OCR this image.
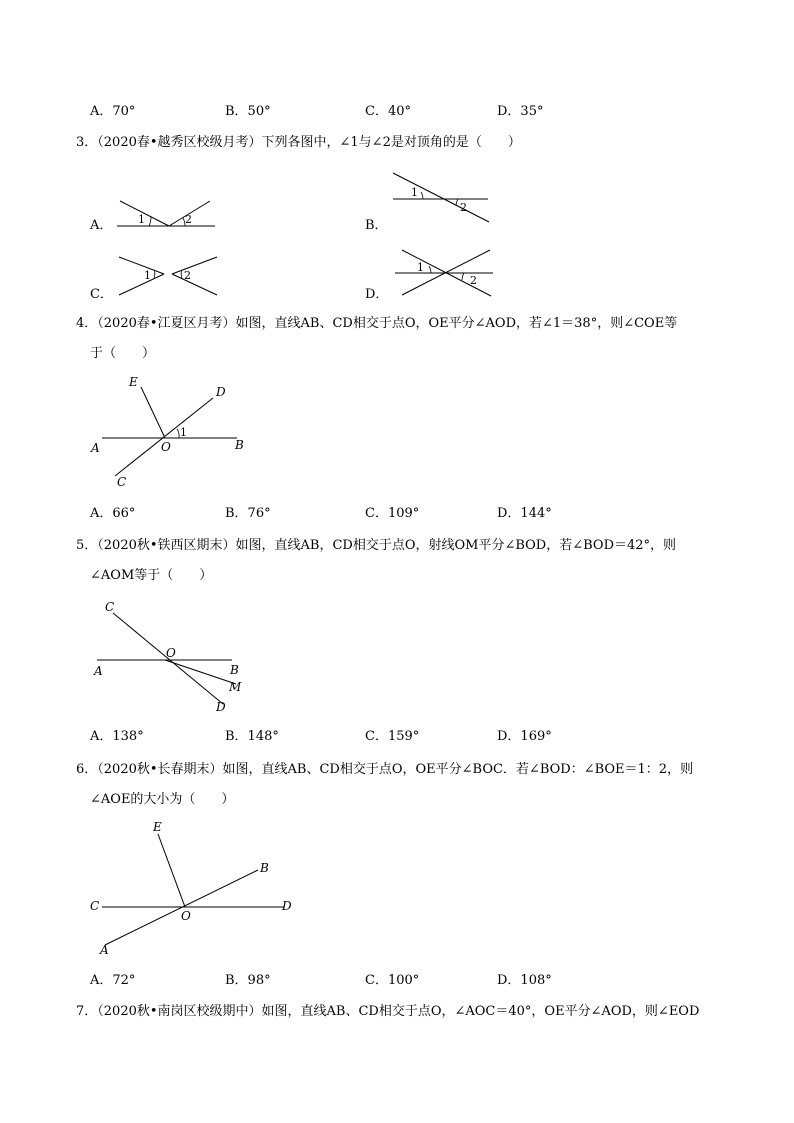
A．70°	B．50°	C．40°	D．35°
3．（2020春•越秀区校级月考）下列各图中，∠1与∠2是对顶角的是（　　）
A． 1	2	B．
1
2
C．
1	2
D．
1
2
4．（2020春•江夏区月考）如图，直线AB、CD相交于点O，OE平分∠AOD，若∠1＝38°，则∠COE等
于（　　）
E
D
1
A	O	B
C
A．66°	B．76°	C．109°	D．144°
5．（2020秋•铁西区期末）如图，直线AB，CD相交于点O，射线OM平分∠BOD，若∠BOD＝42°，则
∠AOM等于（　　）
C
O
A	B
M
D
A．138°	B．148°	C．159°	D．169°
6．（2020秋•长春期末）如图，直线AB、CD相交于点O，OE平分∠BOC．若∠BOD：∠BOE＝1：2，则
∠AOE的大小为（　　）
E
B
C
O
D
A
A．72°	B．98°	C．100°	D．108°
7．（2020秋•南岗区校级期中）如图，直线AB、CD相交于点O，∠AOC＝40°，OE平分∠AOD，则∠EOD
